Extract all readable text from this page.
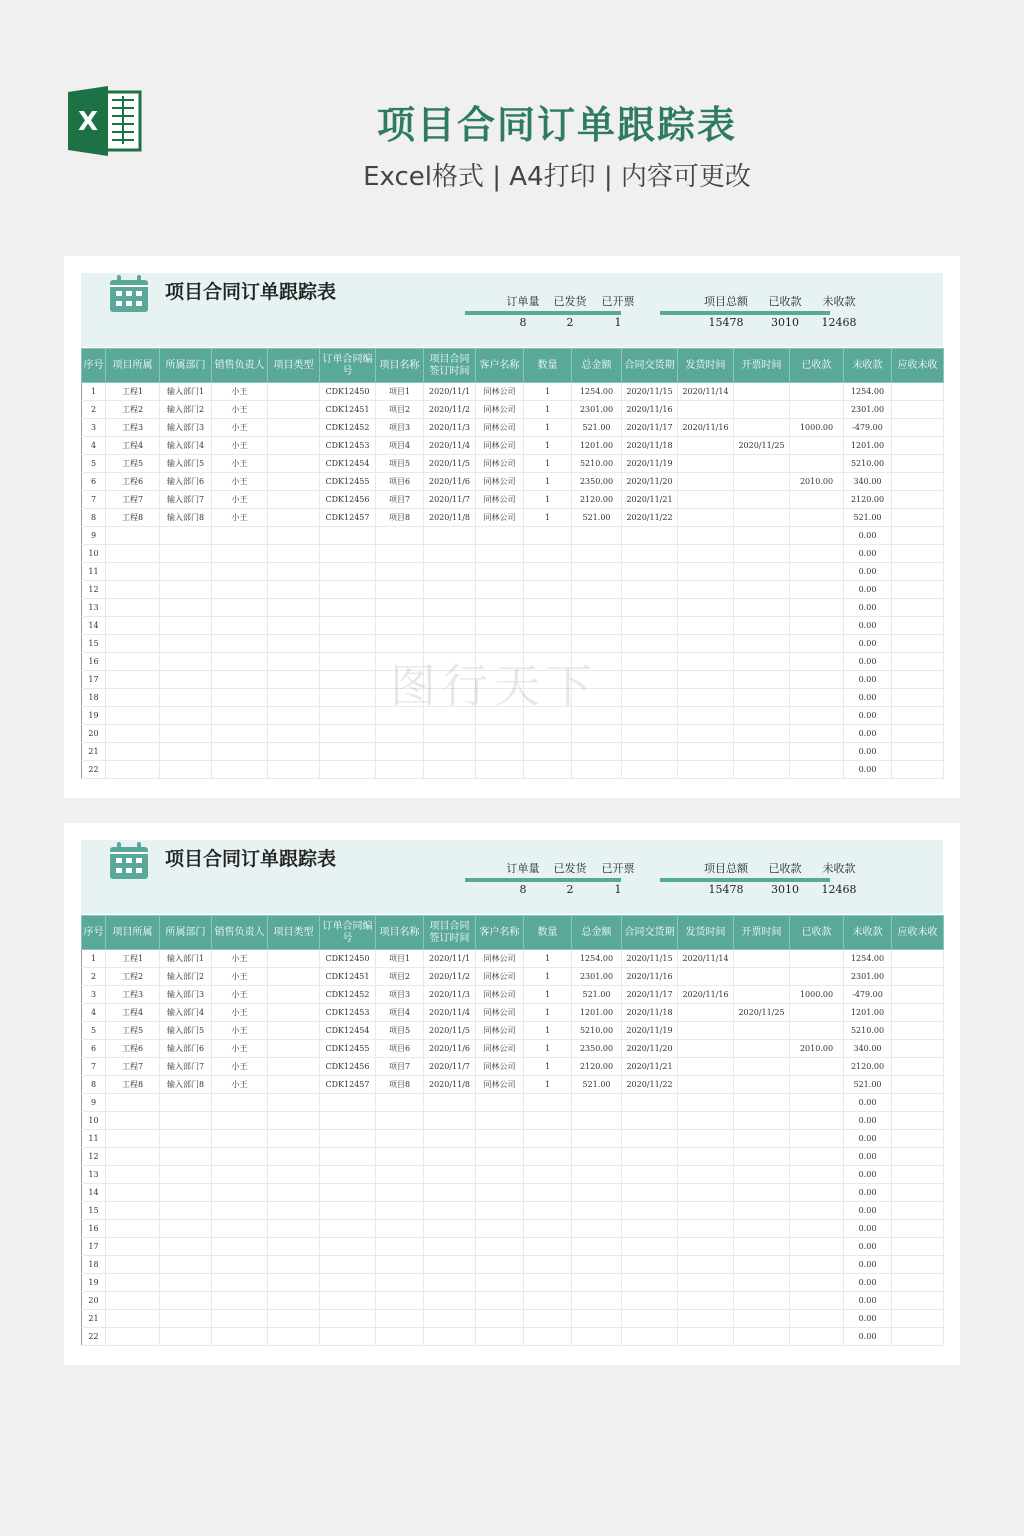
X	项目合同订单跟踪表
Excel格式 | A4打印 | 内容可更改
项目合同订单跟踪表	订单量
8
已发货
2
已开票
1
项目总额
15478
已收款
3010
未收款
12468
序号	项目所属	所属部门	销售负责人	项目类型	订单合同编号	项目名称	项目合同签订时间	客户名称	数量	总金额	合同交货期	发货时间	开票时间	已收款	未收款	应收未收
1	工程1	输入部门1	小王		CDK12450	项目1	2020/11/1	同林公司	1	1254.00	2020/11/15	2020/11/14			1254.00	
2	工程2	输入部门2	小王		CDK12451	项目2	2020/11/2	同林公司	1	2301.00	2020/11/16				2301.00	
3	工程3	输入部门3	小王		CDK12452	项目3	2020/11/3	同林公司	1	521.00	2020/11/17	2020/11/16		1000.00	-479.00	
4	工程4	输入部门4	小王		CDK12453	项目4	2020/11/4	同林公司	1	1201.00	2020/11/18		2020/11/25		1201.00	
5	工程5	输入部门5	小王		CDK12454	项目5	2020/11/5	同林公司	1	5210.00	2020/11/19				5210.00	
6	工程6	输入部门6	小王		CDK12455	项目6	2020/11/6	同林公司	1	2350.00	2020/11/20			2010.00	340.00	
7	工程7	输入部门7	小王		CDK12456	项目7	2020/11/7	同林公司	1	2120.00	2020/11/21				2120.00	
8	工程8	输入部门8	小王		CDK12457	项目8	2020/11/8	同林公司	1	521.00	2020/11/22				521.00	
9															0.00	
10															0.00	
11															0.00	
12															0.00	
13															0.00	
14															0.00	
15															0.00	
16															0.00	
17															0.00	
18															0.00	
19															0.00	
20															0.00	
21															0.00	
22															0.00	
项目合同订单跟踪表	订单量
8
已发货
2
已开票
1
项目总额
15478
已收款
3010
未收款
12468
序号	项目所属	所属部门	销售负责人	项目类型	订单合同编号	项目名称	项目合同签订时间	客户名称	数量	总金额	合同交货期	发货时间	开票时间	已收款	未收款	应收未收
1	工程1	输入部门1	小王		CDK12450	项目1	2020/11/1	同林公司	1	1254.00	2020/11/15	2020/11/14			1254.00	
2	工程2	输入部门2	小王		CDK12451	项目2	2020/11/2	同林公司	1	2301.00	2020/11/16				2301.00	
3	工程3	输入部门3	小王		CDK12452	项目3	2020/11/3	同林公司	1	521.00	2020/11/17	2020/11/16		1000.00	-479.00	
4	工程4	输入部门4	小王		CDK12453	项目4	2020/11/4	同林公司	1	1201.00	2020/11/18		2020/11/25		1201.00	
5	工程5	输入部门5	小王		CDK12454	项目5	2020/11/5	同林公司	1	5210.00	2020/11/19				5210.00	
6	工程6	输入部门6	小王		CDK12455	项目6	2020/11/6	同林公司	1	2350.00	2020/11/20			2010.00	340.00	
7	工程7	输入部门7	小王		CDK12456	项目7	2020/11/7	同林公司	1	2120.00	2020/11/21				2120.00	
8	工程8	输入部门8	小王		CDK12457	项目8	2020/11/8	同林公司	1	521.00	2020/11/22				521.00	
9															0.00	
10															0.00	
11															0.00	
12															0.00	
13															0.00	
14															0.00	
15															0.00	
16															0.00	
17															0.00	
18															0.00	
19															0.00	
20															0.00	
21															0.00	
22															0.00	
